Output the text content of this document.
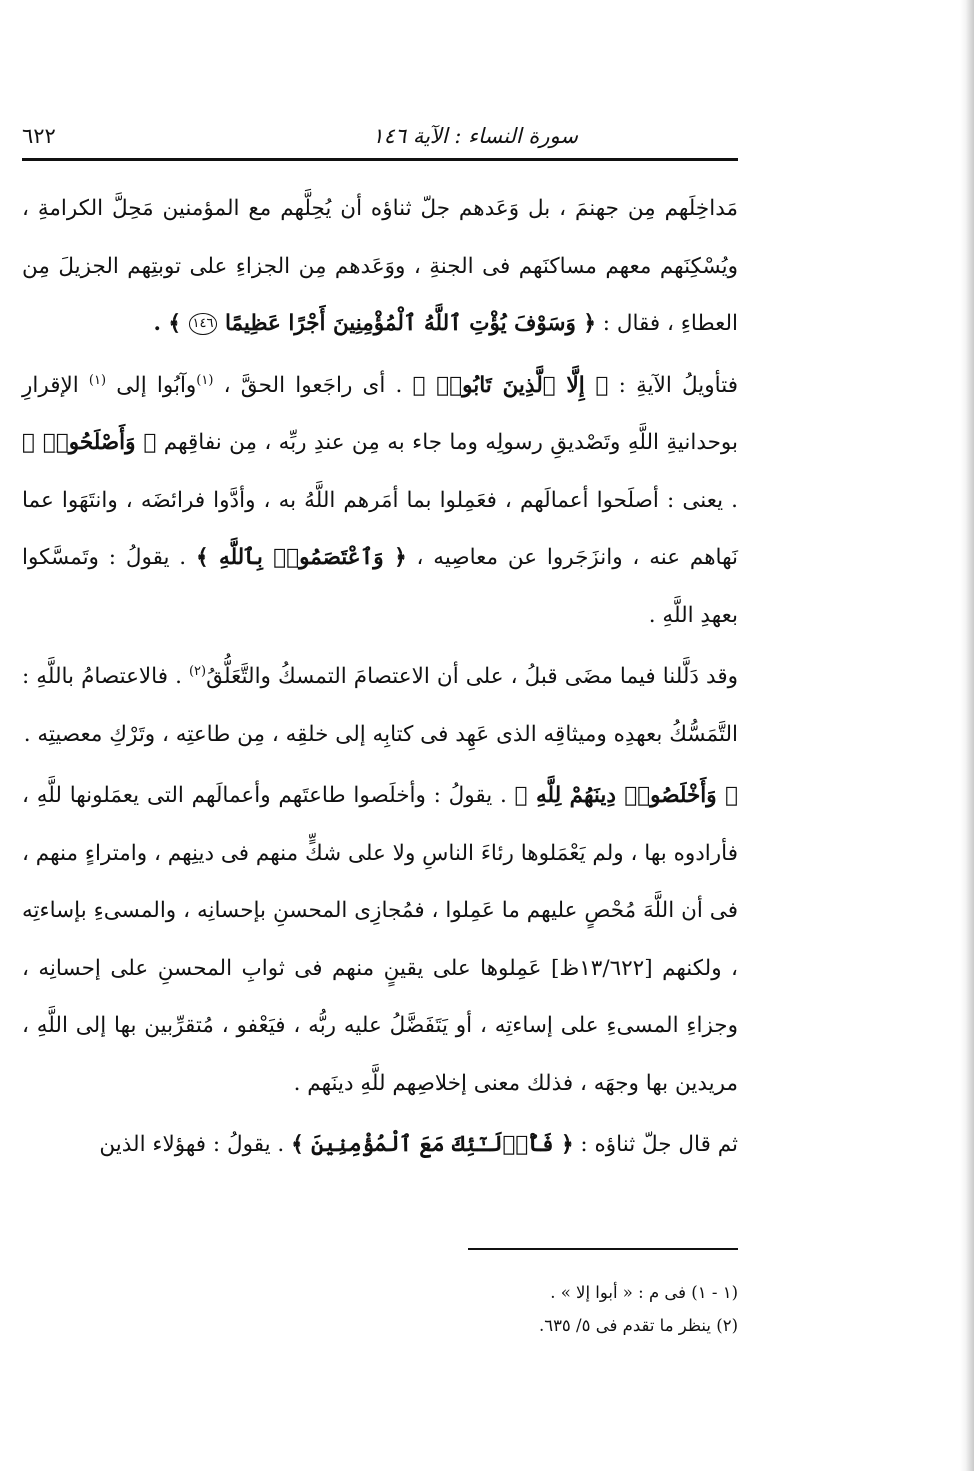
سورة النساء : الآية ١٤٦
٦٢٢

مَداخِلَهم مِن جهنمَ ، بل وَعَدهم جلّ ثناؤه أن يُحِلَّهم مع المؤمنين مَحِلَّ الكرامةِ ، ويُسْكِنَهم معهم مساكنَهم فى الجنةِ ، ووَعَدهم مِن الجزاءِ على توبتِهم الجزيلَ مِن العطاءِ ، فقال : ﴿ وَسَوْفَ يُؤْتِ ٱللَّهُ ٱلْمُؤْمِنِينَ أَجْرًا عَظِيمًا ١٤٦ ﴾ .

فتأويلُ الآيةِ : ﴿ إِلَّا ٱلَّذِينَ تَابُوا۟ ﴾ . أى راجَعوا الحقَّ ، $^{(١)}$وآبُوا إلى $^{(١)}$ الإقرارِ بوحدانيةِ اللَّهِ وتَصْديقِ رسولِه وما جاء به مِن عندِ ربِّه ، مِن نفاقِهم ﴿ وَأَصْلَحُوا۟ ﴾ . يعنى : أصلَحوا أعمالَهم ، فعَمِلوا بما أمَرهم اللَّهُ به ، وأدَّوا فرائضَه ، وانتَهَوا عما نَهاهم عنه ، وانزَجَروا عن معاصِيه ، ﴿ وَٱعْتَصَمُوا۟ بِٱللَّهِ ﴾ . يقولُ : وتَمسَّكوا بعهدِ اللَّهِ .

وقد دَلَّلنا فيما مضَى قبلُ ، على أن الاعتصامَ التمسكُ والتَّعَلُّقُ$^{(٢)}$ . فالاعتصامُ باللَّهِ : التَّمَسُّكُ بعهدِه وميثاقِه الذى عَهِد فى كتابِه إلى خلقِه ، مِن طاعتِه ، وتَرْكِ معصيتِه .

﴿ وَأَخْلَصُوا۟ دِينَهُمْ لِلَّهِ ﴾ . يقولُ : وأخلَصوا طاعتَهم وأعمالَهم التى يعمَلونها للَّهِ ، فأرادوه بها ، ولم يَعْمَلوها رئاءَ الناسِ ولا على شكٍّ منهم فى دينِهم ، وامتراءٍ منهم ، فى أن اللَّهَ مُحْصٍ عليهم ما عَمِلوا ، فمُجازِى المحسنِ بإحسانِه ، والمسىءِ بإساءتِه ، ولكنهم [١٣/٦٢٢ظ] عَمِلوها على يقينٍ منهم فى ثوابِ المحسنِ على إحسانِه ، وجزاءِ المسىءِ على إساءتِه ، أو يَتَفَضَّلُ عليه ربُّه ، فيَعْفو ، مُتقرِّبين بها إلى اللَّهِ ، مريدين بها وجهَه ، فذلك معنى إخلاصِهم للَّهِ دينَهم .

ثم قال جلّ ثناؤه : ﴿ فَأُو۟لَـٰٓئِكَ مَعَ ٱلْمُؤْمِنِينَ ﴾ . يقولُ : فهؤلاء الذين

(١ - ١) فى م : « أبوا إلا » .
(٢) ينظر ما تقدم فى ٥/ ٦٣٥.
